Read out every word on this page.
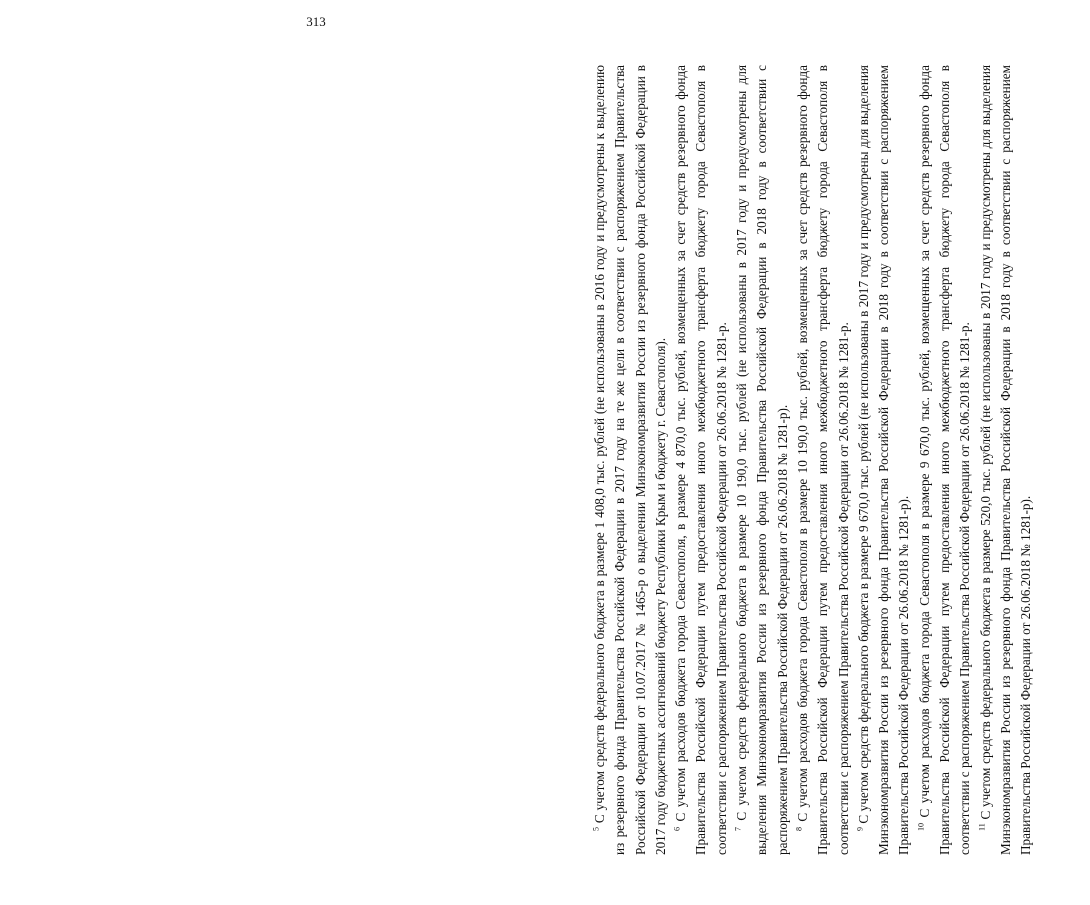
313

$^5$ С учетом средств федерального бюджета в размере 1 408,0 тыс. рублей (не использованы в 2016 году и предусмотрены к выделению из резервного фонда Правительства Российской Федерации в 2017 году на те же цели в соответствии с распоряжением Правительства Российской Федерации от 10.07.2017 № 1465-р о выделении Минэкономразвития России из резервного фонда Российской Федерации в 2017 году бюджетных ассигнований бюджету Республики Крым и бюджету г. Севастополя). $^6$ С учетом расходов бюджета города Севастополя, в размере 4 870,0 тыс. рублей, возмещенных за счет средств резервного фонда Правительства Российской Федерации путем предоставления иного межбюджетного трансферта бюджету города Севастополя в соответствии с распоряжением Правительства Российской Федерации от 26.06.2018 № 1281-р. $^7$ С учетом средств федерального бюджета в размере 10 190,0 тыс. рублей (не использованы в 2017 году и предусмотрены для выделения Минэкономразвития России из резервного фонда Правительства Российской Федерации в 2018 году в соответствии с распоряжением Правительства Российской Федерации от 26.06.2018 № 1281-р). $^8$ С учетом расходов бюджета города Севастополя в размере 10 190,0 тыс. рублей, возмещенных за счет средств резервного фонда Правительства Российской Федерации путем предоставления иного межбюджетного трансферта бюджету города Севастополя в соответствии с распоряжением Правительства Российской Федерации от 26.06.2018 № 1281-р. $^9$ С учетом средств федерального бюджета в размере 9 670,0 тыс. рублей (не использованы в 2017 году и предусмотрены для выделения Минэкономразвития России из резервного фонда Правительства Российской Федерации в 2018 году в соответствии с распоряжением Правительства Российской Федерации от 26.06.2018 № 1281-р). $^{10}$ С учетом расходов бюджета города Севастополя в размере 9 670,0 тыс. рублей, возмещенных за счет средств резервного фонда Правительства Российской Федерации путем предоставления иного межбюджетного трансферта бюджету города Севастополя в соответствии с распоряжением Правительства Российской Федерации от 26.06.2018 № 1281-р. $^{11}$ С учетом средств федерального бюджета в размере 520,0 тыс. рублей (не использованы в 2017 году и предусмотрены для выделения Минэкономразвития России из резервного фонда Правительства Российской Федерации в 2018 году в соответствии с распоряжением Правительства Российской Федерации от 26.06.2018 № 1281-р).
